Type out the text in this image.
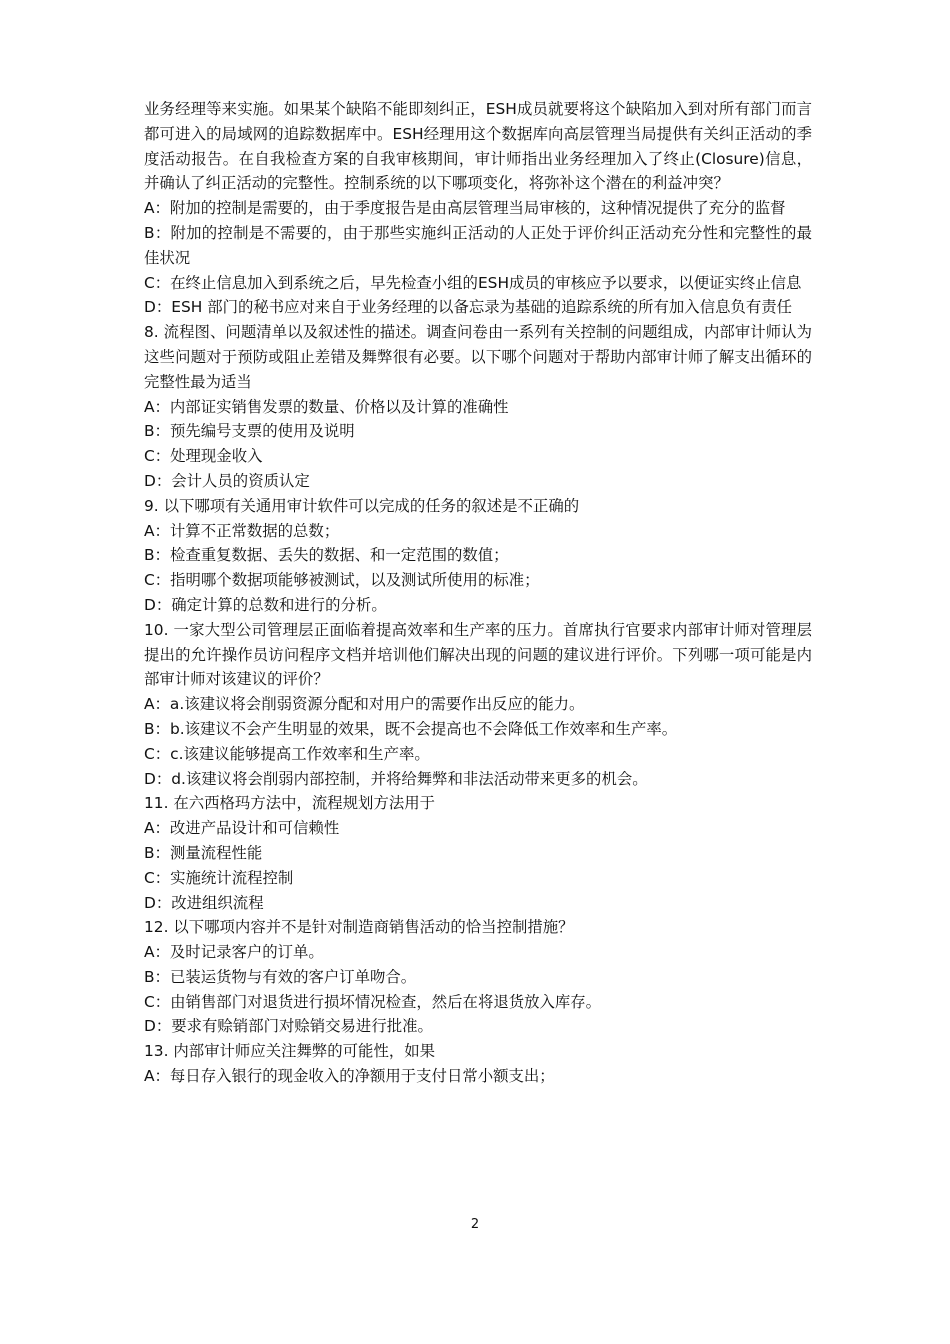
业务经理等来实施。如果某个缺陷不能即刻纠正，ESH成员就要将这个缺陷加入到对所有部门而言都可进入的局域网的追踪数据库中。ESH经理用这个数据库向高层管理当局提供有关纠正活动的季度活动报告。在自我检查方案的自我审核期间，审计师指出业务经理加入了终止(Closure)信息，并确认了纠正活动的完整性。控制系统的以下哪项变化，将弥补这个潜在的利益冲突？

A：附加的控制是需要的，由于季度报告是由高层管理当局审核的，这种情况提供了充分的监督

B：附加的控制是不需要的，由于那些实施纠正活动的人正处于评价纠正活动充分性和完整性的最佳状况

C：在终止信息加入到系统之后，早先检查小组的ESH成员的审核应予以要求，以便证实终止信息

D：ESH 部门的秘书应对来自于业务经理的以备忘录为基础的追踪系统的所有加入信息负有责任

8. 流程图、问题清单以及叙述性的描述。调查问卷由一系列有关控制的问题组成，内部审计师认为这些问题对于预防或阻止差错及舞弊很有必要。以下哪个问题对于帮助内部审计师了解支出循环的完整性最为适当

A：内部证实销售发票的数量、价格以及计算的准确性

B：预先编号支票的使用及说明

C：处理现金收入

D：会计人员的资质认定

9. 以下哪项有关通用审计软件可以完成的任务的叙述是不正确的

A：计算不正常数据的总数；

B：检查重复数据、丢失的数据、和一定范围的数值；

C：指明哪个数据项能够被测试，以及测试所使用的标准；

D：确定计算的总数和进行的分析。

10. 一家大型公司管理层正面临着提高效率和生产率的压力。首席执行官要求内部审计师对管理层提出的允许操作员访问程序文档并培训他们解决出现的问题的建议进行评价。下列哪一项可能是内部审计师对该建议的评价？

A：a.该建议将会削弱资源分配和对用户的需要作出反应的能力。

B：b.该建议不会产生明显的效果，既不会提高也不会降低工作效率和生产率。

C：c.该建议能够提高工作效率和生产率。

D：d.该建议将会削弱内部控制，并将给舞弊和非法活动带来更多的机会。

11. 在六西格玛方法中，流程规划方法用于

A：改进产品设计和可信赖性

B：测量流程性能

C：实施统计流程控制

D：改进组织流程

12. 以下哪项内容并不是针对制造商销售活动的恰当控制措施？

A：及时记录客户的订单。

B：已装运货物与有效的客户订单吻合。

C：由销售部门对退货进行损坏情况检查，然后在将退货放入库存。

D：要求有赊销部门对赊销交易进行批准。

13. 内部审计师应关注舞弊的可能性，如果

A：每日存入银行的现金收入的净额用于支付日常小额支出；

2
